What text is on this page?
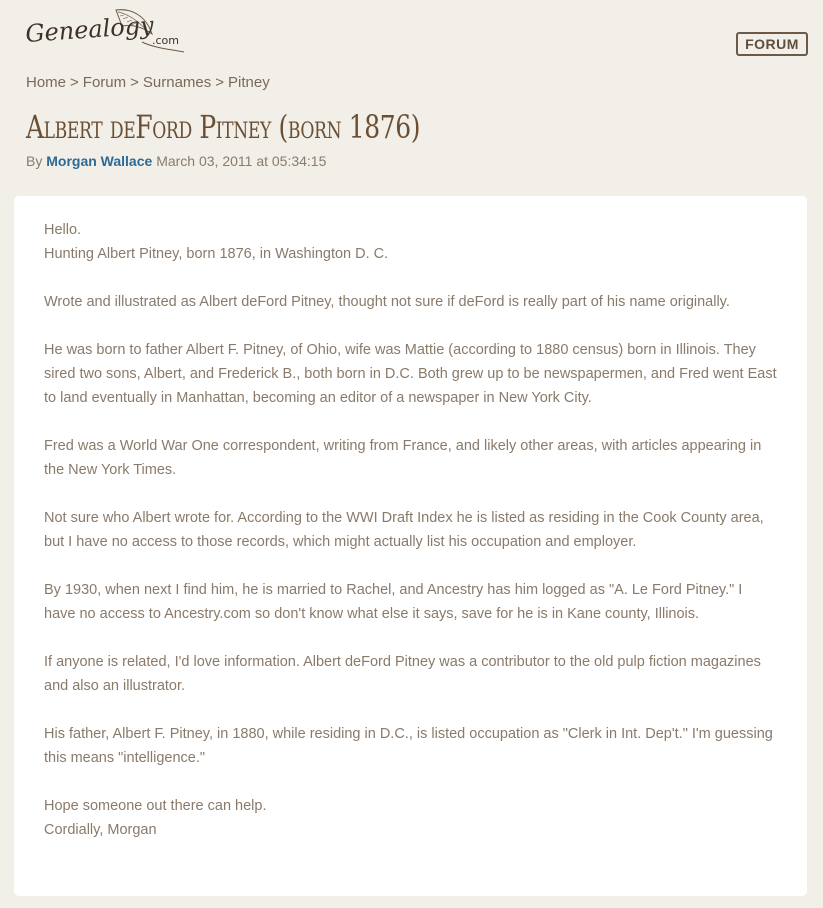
Genealogy
.com	FORUM
Home > Forum > Surnames > Pitney
Albert deFord Pitney (born 1876)
By Morgan Wallace March 03, 2011 at 05:34:15

Hello.
Hunting Albert Pitney, born 1876, in Washington D. C.

Wrote and illustrated as Albert deFord Pitney, thought not sure if deFord is really part of his name originally.

He was born to father Albert F. Pitney, of Ohio, wife was Mattie (according to 1880 census) born in Illinois. They sired two sons, Albert, and Frederick B., both born in D.C. Both grew up to be newspapermen, and Fred went East to land eventually in Manhattan, becoming an editor of a newspaper in New York City.

Fred was a World War One correspondent, writing from France, and likely other areas, with articles appearing in the New York Times.

Not sure who Albert wrote for. According to the WWI Draft Index he is listed as residing in the Cook County area, but I have no access to those records, which might actually list his occupation and employer.

By 1930, when next I find him, he is married to Rachel, and Ancestry has him logged as "A. Le Ford Pitney." I have no access to Ancestry.com so don't know what else it says, save for he is in Kane county, Illinois.

If anyone is related, I'd love information. Albert deFord Pitney was a contributor to the old pulp fiction magazines and also an illustrator.

His father, Albert F. Pitney, in 1880, while residing in D.C., is listed occupation as "Clerk in Int. Dep't." I'm guessing this means "intelligence."

Hope someone out there can help.
Cordially, Morgan
